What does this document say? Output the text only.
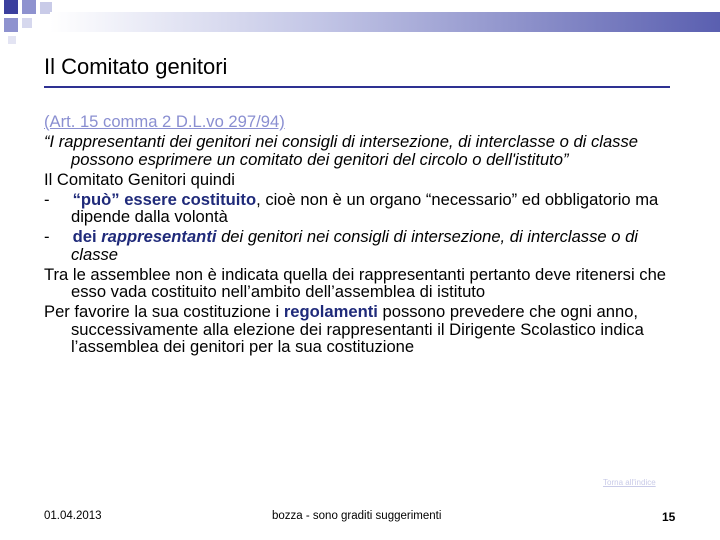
Il Comitato genitori

(Art. 15 comma 2 D.L.vo 297/94)

“I rappresentanti dei genitori nei consigli di intersezione, di interclasse o di classe possono esprimere un comitato dei genitori del circolo o dell'istituto”

Il Comitato Genitori quindi

- “può” essere costituito, cioè non è un organo “necessario” ed obbligatorio ma dipende dalla volontà

- dei rappresentanti dei genitori nei consigli di intersezione, di interclasse o di classe

Tra le assemblee non è indicata quella dei rappresentanti pertanto deve ritenersi che esso vada costituito nell’ambito dell’assemblea di istituto

Per favorire la sua costituzione i regolamenti possono prevedere che ogni anno, successivamente alla elezione dei rappresentanti il Dirigente Scolastico indica l’assemblea dei genitori per la sua costituzione

Torna all'indice
01.04.2013	bozza - sono graditi suggerimenti	15
